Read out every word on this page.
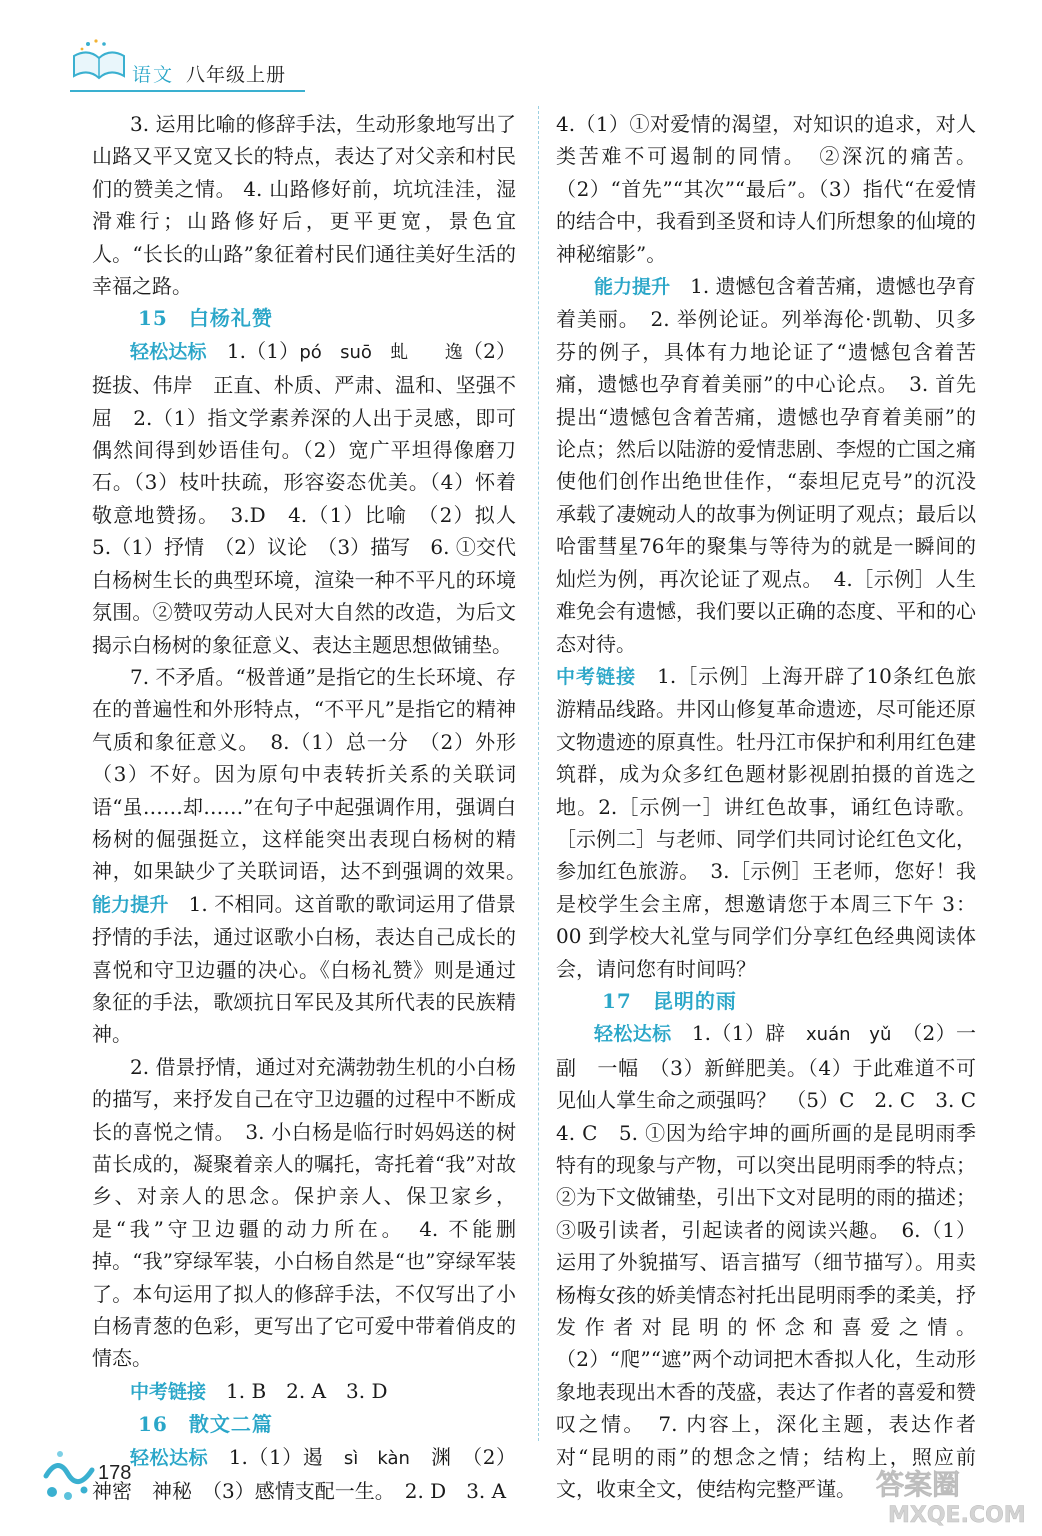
语文 八年级上册

3. 运用比喻的修辞手法，生动形象地写出了山路又平又宽又长的特点，表达了对父亲和村民们的赞美之情。 4. 山路修好前，坑坑洼洼，湿滑难行；山路修好后，更平更宽，景色宜人。“长长的山路”象征着村民们通往美好生活的幸福之路。

15　白杨礼赞

轻松达标　 1.（1）pó　suō　虬　　逸（2）挺拔、伟岸　正直、朴质、严肃、温和、坚强不屈　2.（1）指文学素养深的人出于灵感，即可偶然间得到妙语佳句。（2）宽广平坦得像磨刀石。（3）枝叶扶疏，形容姿态优美。（4）怀着敬意地赞扬。　3.D　4.（1）比喻　（2）拟人　5.（1）抒情　（2）议论　（3）描写　6. ①交代白杨树生长的典型环境，渲染一种不平凡的环境氛围。②赞叹劳动人民对大自然的改造，为后文揭示白杨树的象征意义、表达主题思想做铺垫。

7. 不矛盾。“极普通”是指它的生长环境、存在的普遍性和外形特点，“不平凡”是指它的精神气质和象征意义。　8.（1）总一分　（2）外形（3）不好。因为原句中表转折关系的关联词语“虽……却……”在句子中起强调作用，强调白杨树的倔强挺立，这样能突出表现白杨树的精神，如果缺少了关联词语，达不到强调的效果。　能力提升　 1. 不相同。这首歌的歌词运用了借景抒情的手法，通过讴歌小白杨，表达自己成长的喜悦和守卫边疆的决心。《白杨礼赞》则是通过象征的手法，歌颂抗日军民及其所代表的民族精神。

2. 借景抒情，通过对充满勃勃生机的小白杨的描写，来抒发自己在守卫边疆的过程中不断成长的喜悦之情。　3. 小白杨是临行时妈妈送的树苗长成的，凝聚着亲人的嘱托，寄托着“我”对故乡、对亲人的思念。保护亲人、保卫家乡，是“我”守卫边疆的动力所在。　4. 不能删掉。“我”穿绿军装，小白杨自然是“也”穿绿军装了。本句运用了拟人的修辞手法，不仅写出了小白杨青葱的色彩，更写出了它可爱中带着俏皮的情态。

中考链接　 1. B　2. A　3. D

16　散文二篇

轻松达标　 1.（1）遏　 sì　kàn　 渊　（2）神密　神秘　（3）感情支配一生。　2. D　3. A

4.（1）①对爱情的渴望，对知识的追求，对人类苦难不可遏制的同情。　②深沉的痛苦。（2）“首先”“其次”“最后”。（3）指代“在爱情的结合中，我看到圣贤和诗人们所想象的仙境的神秘缩影”。

能力提升　 1. 遗憾包含着苦痛，遗憾也孕育着美丽。　2. 举例论证。列举海伦·凯勒、贝多芬的例子，具体有力地论证了“遗憾包含着苦痛，遗憾也孕育着美丽”的中心论点。　3. 首先提出“遗憾包含着苦痛，遗憾也孕育着美丽”的论点；然后以陆游的爱情悲剧、李煜的亡国之痛使他们创作出绝世佳作，“泰坦尼克号”的沉没承载了凄婉动人的故事为例证明了观点；最后以哈雷彗星76年的聚集与等待为的就是一瞬间的灿烂为例，再次论证了观点。　4.［示例］人生难免会有遗憾，我们要以正确的态度、平和的心态对待。

中考链接　 1.［示例］上海开辟了10条红色旅游精品线路。井冈山修复革命遗迹，尽可能还原文物遗迹的原真性。牡丹江市保护和利用红色建筑群，成为众多红色题材影视剧拍摄的首选之地。2.［示例一］讲红色故事，诵红色诗歌。［示例二］与老师、同学们共同讨论红色文化，参加红色旅游。　3.［示例］王老师，您好！我是校学生会主席，想邀请您于本周三下午 3：00 到学校大礼堂与同学们分享红色经典阅读体会，请问您有时间吗？

17　昆明的雨

轻松达标　 1.（1）辟　 xuán　yǔ　 （2）一副　一幅　（3）新鲜肥美。（4）于此难道不可见仙人掌生命之顽强吗？　（5）C　2. C　3. C　4. C　5. ①因为给宇坤的画所画的是昆明雨季特有的现象与产物，可以突出昆明雨季的特点；②为下文做铺垫，引出下文对昆明的雨的描述；③吸引读者，引起读者的阅读兴趣。　6.（1）运用了外貌描写、语言描写（细节描写）。用卖杨梅女孩的娇美情态衬托出昆明雨季的柔美，抒发作者对昆明的怀念和喜爱之情。（2）“爬”“遮”两个动词把木香拟人化，生动形象地表现出木香的茂盛，表达了作者的喜爱和赞叹之情。　7. 内容上，深化主题，表达作者对“昆明的雨”的想念之情；结构上，照应前文，收束全文，使结构完整严谨。

178	答案圈
MXQE.COM
